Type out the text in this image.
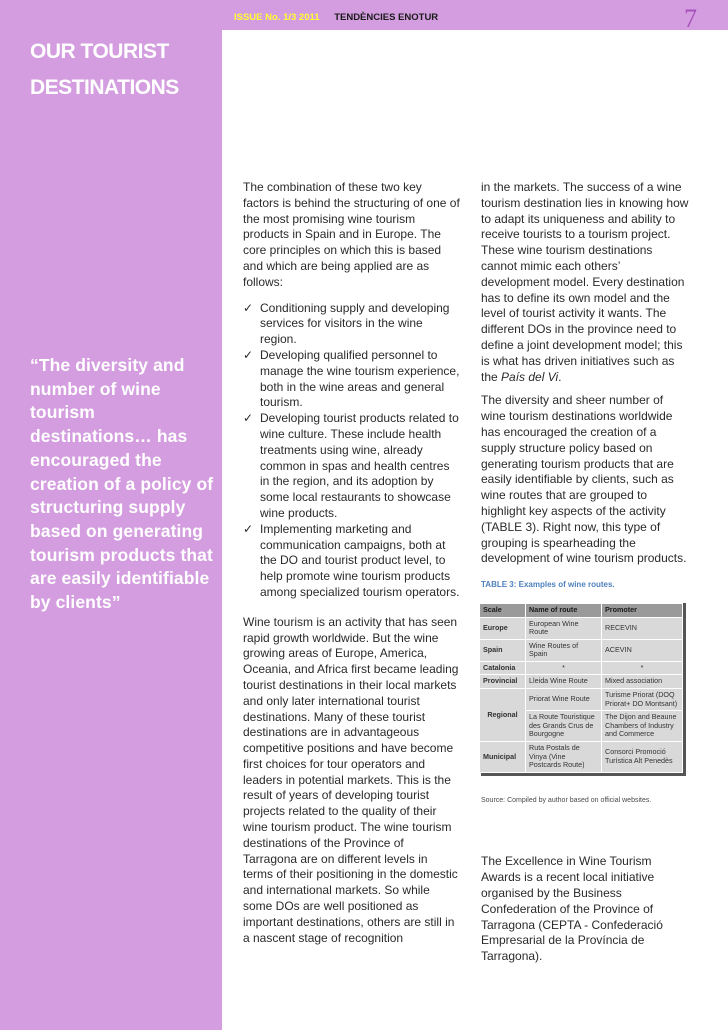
OUR TOURIST DESTINATIONS
“The diversity and number of wine tourism destinations… has encouraged the creation of a policy of structuring supply based on generating tourism products that are easily identifiable by clients”
ISSUE No. 1/3 2011 TENDÈNCIES ENOTUR	7

The combination of these two key factors is behind the structuring of one of the most promising wine tourism products in Spain and in Europe. The core principles on which this is based and which are being applied are as follows:

✓ Conditioning supply and developing services for visitors in the wine region.
✓ Developing qualified personnel to manage the wine tourism experience, both in the wine areas and general tourism.
✓ Developing tourist products related to wine culture. These include health treatments using wine, already common in spas and health centres in the region, and its adoption by some local restaurants to showcase wine products.
✓ Implementing marketing and communication campaigns, both at the DO and tourist product level, to help promote wine tourism products among specialized tourism operators.

Wine tourism is an activity that has seen rapid growth worldwide. But the wine growing areas of Europe, America, Oceania, and Africa first became leading tourist destinations in their local markets and only later international tourist destinations. Many of these tourist destinations are in advantageous competitive positions and have become first choices for tour operators and leaders in potential markets. This is the result of years of developing tourist projects related to the quality of their wine tourism product. The wine tourism destinations of the Province of Tarragona are on different levels in terms of their positioning in the domestic and international markets. So while some DOs are well positioned as important destinations, others are still in a nascent stage of recognition

in the markets. The success of a wine tourism destination lies in knowing how to adapt its uniqueness and ability to receive tourists to a tourism project. These wine tourism destinations cannot mimic each others’ development model. Every destination has to define its own model and the level of tourist activity it wants. The different DOs in the province need to define a joint development model; this is what has driven initiatives such as the País del Vi.

The diversity and sheer number of wine tourism destinations worldwide has encouraged the creation of a supply structure policy based on generating tourism products that are easily identifiable by clients, such as wine routes that are grouped to highlight key aspects of the activity (TABLE 3). Right now, this type of grouping is spearheading the development of wine tourism products.

TABLE 3: Examples of wine routes.
Scale	Name of route	Promoter
Europe	European Wine Route	RECEVIN
Spain	Wine Routes of Spain	ACEVIN
Catalonia	*	*
Provincial	Lleida Wine Route	Mixed association
Regional	Priorat Wine Route	Turisme Priorat (DOQ Priorat+ DO Montsant)
	La Route Touristique des Grands Crus de Bourgogne	The Dijon and Beaune Chambers of Industry and Commerce
Municipal	Ruta Postals de Vinya (Vine Postcards Route)	Consorci Promoció Turística Alt Penedès
Source: Compiled by author based on official websites.

The Excellence in Wine Tourism Awards is a recent local initiative organised by the Business Confederation of the Province of Tarragona (CEPTA - Confederació Empresarial de la Província de Tarragona).
